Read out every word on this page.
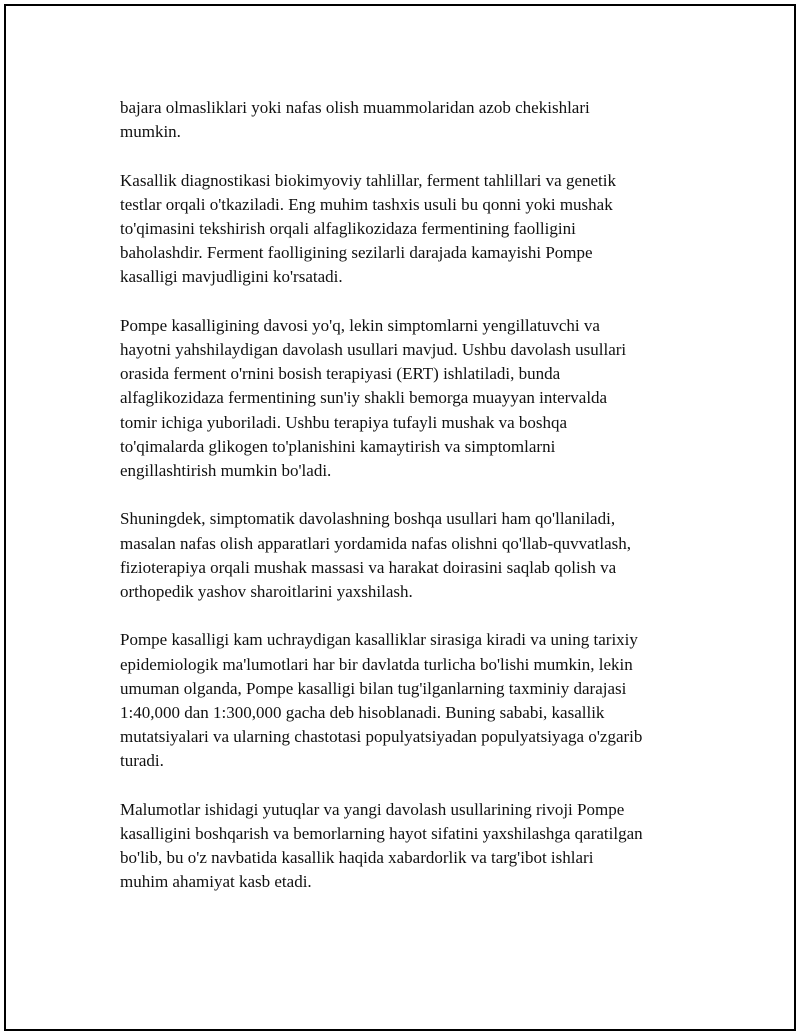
bajara olmasliklari yoki nafas olish muammolaridan azob chekishlari
mumkin.

Kasallik diagnostikasi biokimyoviy tahlillar, ferment tahlillari va genetik
testlar orqali o'tkaziladi. Eng muhim tashxis usuli bu qonni yoki mushak
to'qimasini tekshirish orqali alfaglikozidaza fermentining faolligini
baholashdir. Ferment faolligining sezilarli darajada kamayishi Pompe
kasalligi mavjudligini ko'rsatadi.

Pompe kasalligining davosi yo'q, lekin simptomlarni yengillatuvchi va
hayotni yahshilaydigan davolash usullari mavjud. Ushbu davolash usullari
orasida ferment o'rnini bosish terapiyasi (ERT) ishlatiladi, bunda
alfaglikozidaza fermentining sun'iy shakli bemorga muayyan intervalda
tomir ichiga yuboriladi. Ushbu terapiya tufayli mushak va boshqa
to'qimalarda glikogen to'planishini kamaytirish va simptomlarni
engillashtirish mumkin bo'ladi.

Shuningdek, simptomatik davolashning boshqa usullari ham qo'llaniladi,
masalan nafas olish apparatlari yordamida nafas olishni qo'llab-quvvatlash,
fizioterapiya orqali mushak massasi va harakat doirasini saqlab qolish va
orthopedik yashov sharoitlarini yaxshilash.

Pompe kasalligi kam uchraydigan kasalliklar sirasiga kiradi va uning tarixiy
epidemiologik ma'lumotlari har bir davlatda turlicha bo'lishi mumkin, lekin
umuman olganda, Pompe kasalligi bilan tug'ilganlarning taxminiy darajasi
1:40,000 dan 1:300,000 gacha deb hisoblanadi. Buning sababi, kasallik
mutatsiyalari va ularning chastotasi populyatsiyadan populyatsiyaga o'zgarib
turadi.

Malumotlar ishidagi yutuqlar va yangi davolash usullarining rivoji Pompe
kasalligini boshqarish va bemorlarning hayot sifatini yaxshilashga qaratilgan
bo'lib, bu o'z navbatida kasallik haqida xabardorlik va targ'ibot ishlari
muhim ahamiyat kasb etadi.
